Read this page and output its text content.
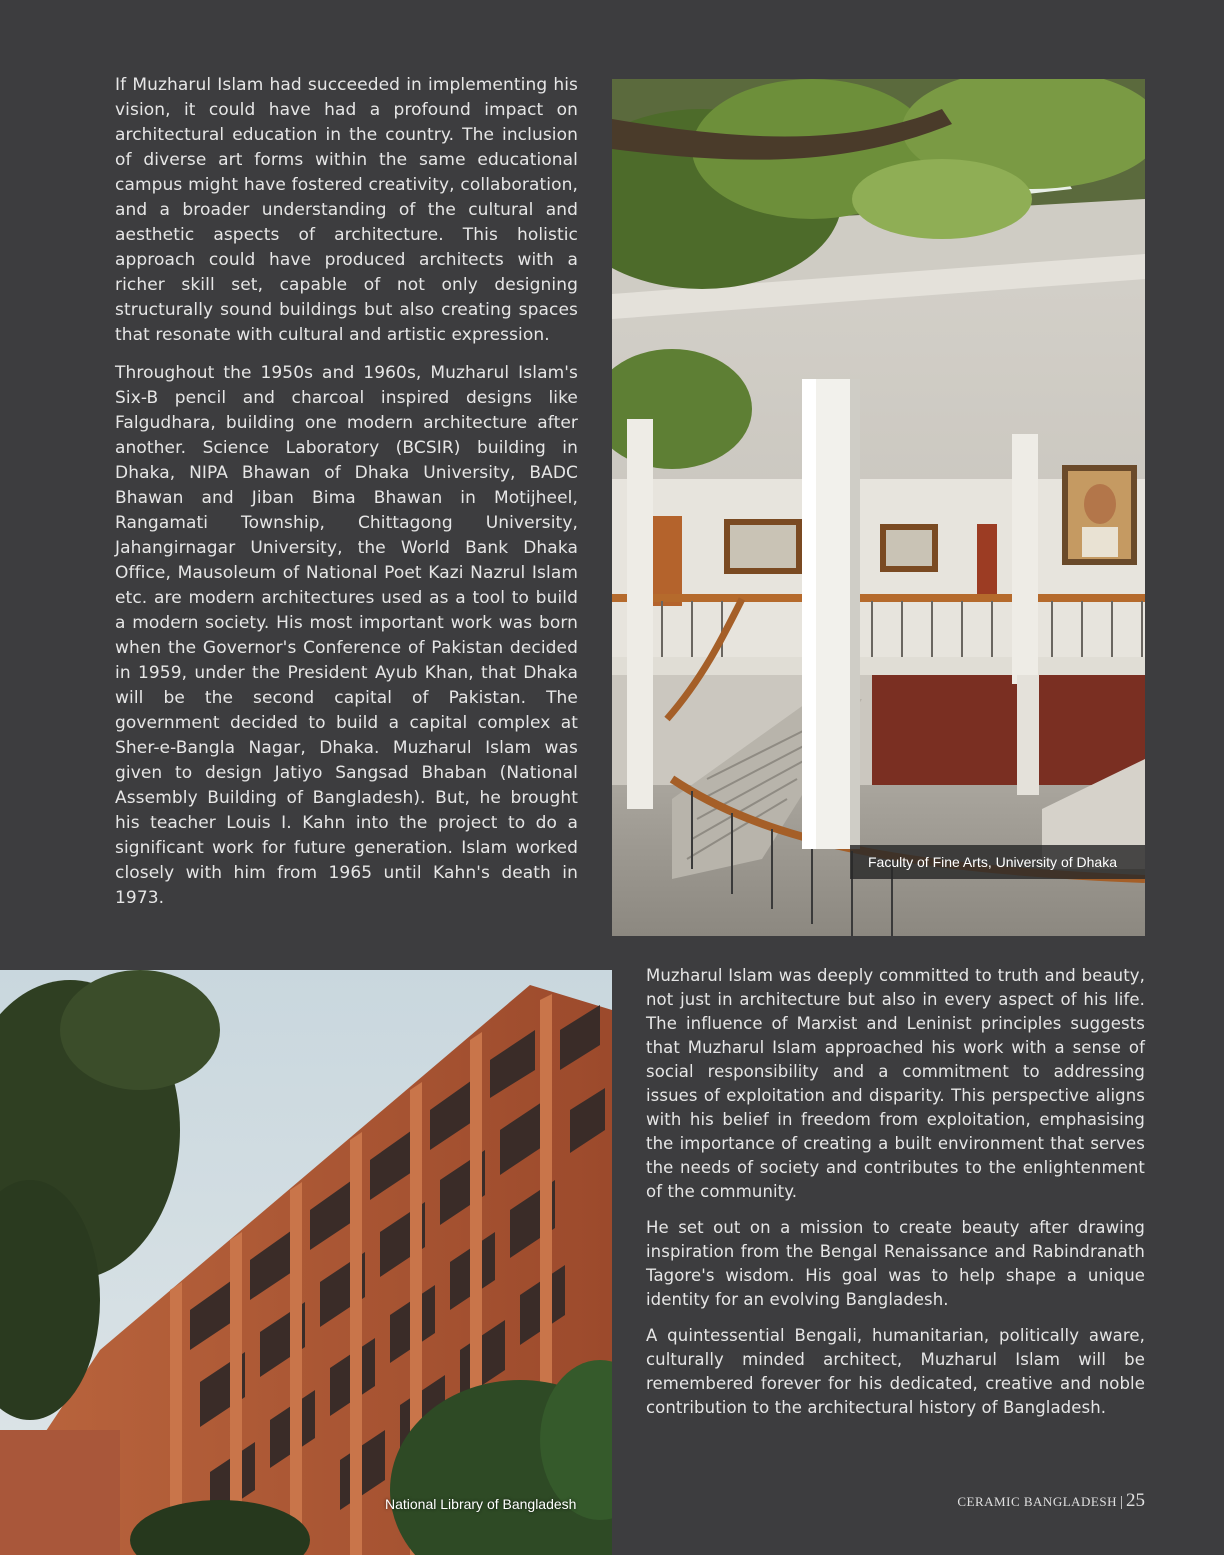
If Muzharul Islam had succeeded in implementing his vision, it could have had a profound impact on architectural education in the country. The inclusion of diverse art forms within the same educational campus might have fostered creativity, collaboration, and a broader understanding of the cultural and aesthetic aspects of architecture. This holistic approach could have produced architects with a richer skill set, capable of not only designing structurally sound buildings but also creating spaces that resonate with cultural and artistic expression.

Throughout the 1950s and 1960s, Muzharul Islam's Six-B pencil and charcoal inspired designs like Falgudhara, building one modern architecture after another. Science Laboratory (BCSIR) building in Dhaka, NIPA Bhawan of Dhaka University, BADC Bhawan and Jiban Bima Bhawan in Motijheel, Rangamati Township, Chittagong University, Jahangirnagar University, the World Bank Dhaka Office, Mausoleum of National Poet Kazi Nazrul Islam etc. are modern architectures used as a tool to build a modern society. His most important work was born when the Governor's Conference of Pakistan decided in 1959, under the President Ayub Khan, that Dhaka will be the second capital of Pakistan. The government decided to build a capital complex at Sher-e-Bangla Nagar, Dhaka. Muzharul Islam was given to design Jatiyo Sangsad Bhaban (National Assembly Building of Bangladesh). But, he brought his teacher Louis I. Kahn into the project to do a significant work for future generation. Islam worked closely with him from 1965 until Kahn's death in 1973.

Faculty of Fine Arts, University of Dhaka
National Library of Bangladesh

Muzharul Islam was deeply committed to truth and beauty, not just in architecture but also in every aspect of his life. The influence of Marxist and Leninist principles suggests that Muzharul Islam approached his work with a sense of social responsibility and a commitment to addressing issues of exploitation and disparity. This perspective aligns with his belief in freedom from exploitation, emphasising the importance of creating a built environment that serves the needs of society and contributes to the enlightenment of the community.

He set out on a mission to create beauty after drawing inspiration from the Bengal Renaissance and Rabindranath Tagore's wisdom. His goal was to help shape a unique identity for an evolving Bangladesh.

A quintessential Bengali, humanitarian, politically aware, culturally minded architect, Muzharul Islam will be remembered forever for his dedicated, creative and noble contribution to the architectural history of Bangladesh.

CERAMIC BANGLADESH | 25
